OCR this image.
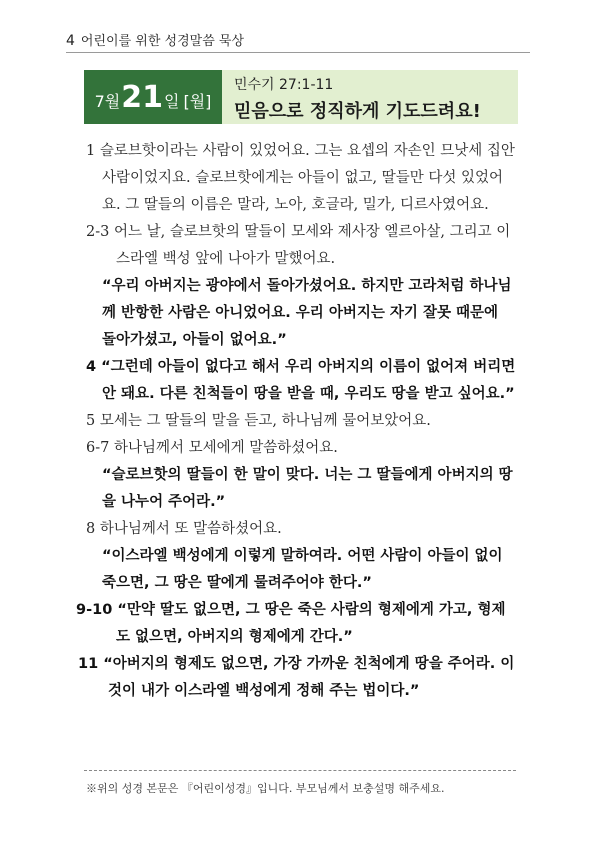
4 어린이를 위한 성경말씀 묵상
7월 21 일 [월]
민수기 27:1-11
믿음으로 정직하게 기도드려요!
1 슬로브핫이라는 사람이 있었어요. 그는 요셉의 자손인 므낫세 집안 사람이었지요. 슬로브핫에게는 아들이 없고, 딸들만 다섯 있었어요. 그 딸들의 이름은 말라, 노아, 호글라, 밀가, 디르사였어요.
2-3 어느 날, 슬로브핫의 딸들이 모세와 제사장 엘르아살, 그리고 이스라엘 백성 앞에 나아가 말했어요.
“우리 아버지는 광야에서 돌아가셨어요. 하지만 고라처럼 하나님께 반항한 사람은 아니었어요. 우리 아버지는 자기 잘못 때문에 돌아가셨고, 아들이 없어요.”
4 “그런데 아들이 없다고 해서 우리 아버지의 이름이 없어져 버리면 안 돼요. 다른 친척들이 땅을 받을 때, 우리도 땅을 받고 싶어요.”
5 모세는 그 딸들의 말을 듣고, 하나님께 물어보았어요.
6-7 하나님께서 모세에게 말씀하셨어요.
“슬로브핫의 딸들이 한 말이 맞다. 너는 그 딸들에게 아버지의 땅을 나누어 주어라.”
8 하나님께서 또 말씀하셨어요.
“이스라엘 백성에게 이렇게 말하여라. 어떤 사람이 아들이 없이 죽으면, 그 땅은 딸에게 물려주어야 한다.”
9-10 “만약 딸도 없으면, 그 땅은 죽은 사람의 형제에게 가고, 형제도 없으면, 아버지의 형제에게 간다.”
11 “아버지의 형제도 없으면, 가장 가까운 친척에게 땅을 주어라. 이것이 내가 이스라엘 백성에게 정해 주는 법이다.”
※위의 성경 본문은 『어린이성경』입니다. 부모님께서 보충설명 해주세요.
